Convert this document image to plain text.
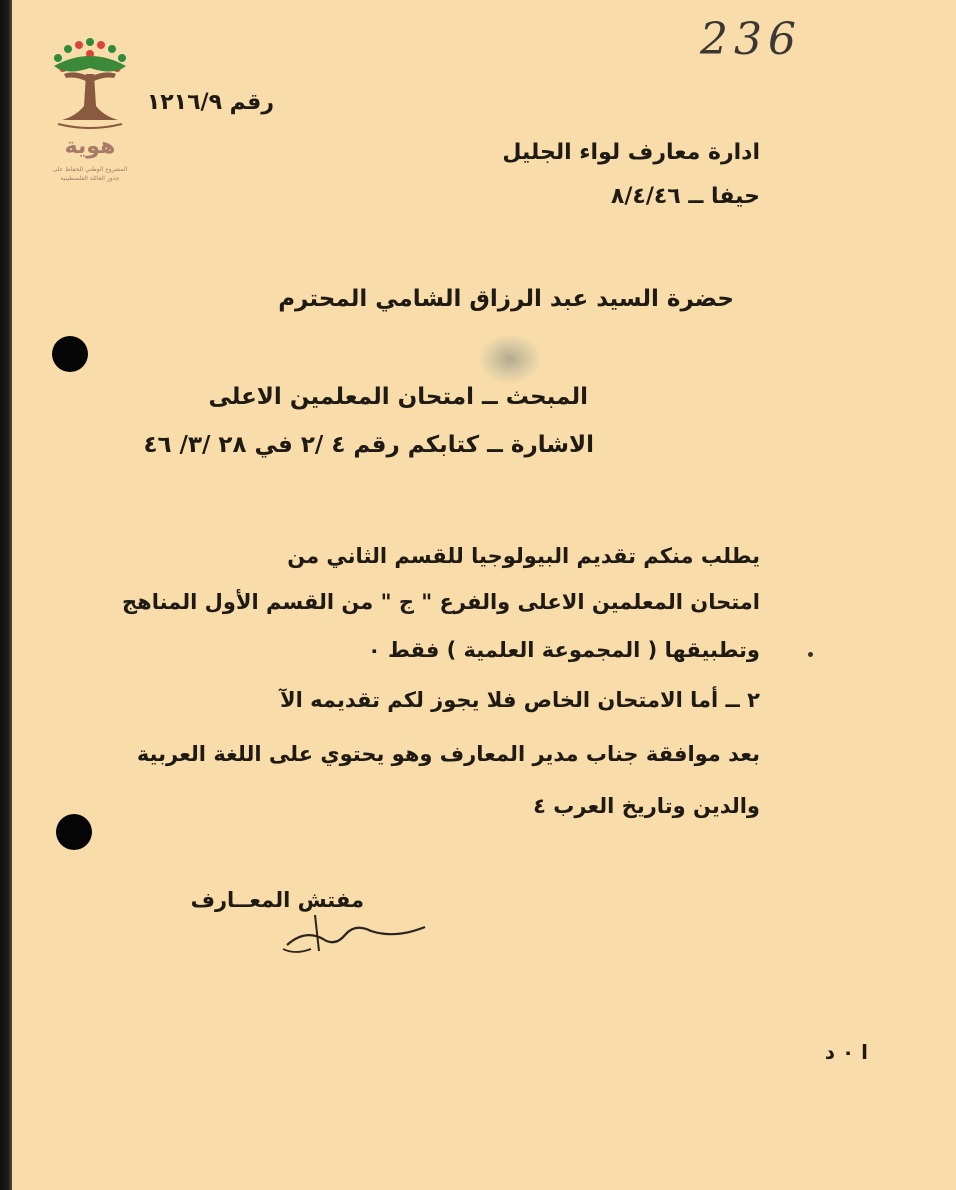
236
هوية
المشروع الوطني للحفاظ على
جذور العائلة الفلسطينية
رقم ١٢١٦/٩
ادارة معارف لواء الجليل
حيفا ــ ٨/٤/٤٦
حضرة السيد عبد الرزاق الشامي المحترم
المبحث ــ امتحان المعلمين الاعلى
الاشارة ــ كتابكم رقم ٤ /٢ في ٢٨ /٣/ ٤٦
يطلب منكم تقديم البيولوجيا للقسم الثاني من
امتحان المعلمين الاعلى والفرع " ج " من القسم الأول المناهج
وتطبيقها ( المجموعة العلمية ) فقط ٠
٢ ــ أما الامتحان الخاص فلا يجوز لكم تقديمه الآ
بعد موافقة جناب مدير المعارف وهو يحتوي على اللغة العربية
والدين وتاريخ العرب ٤
مفتش المعــارف
ا ٠ د
